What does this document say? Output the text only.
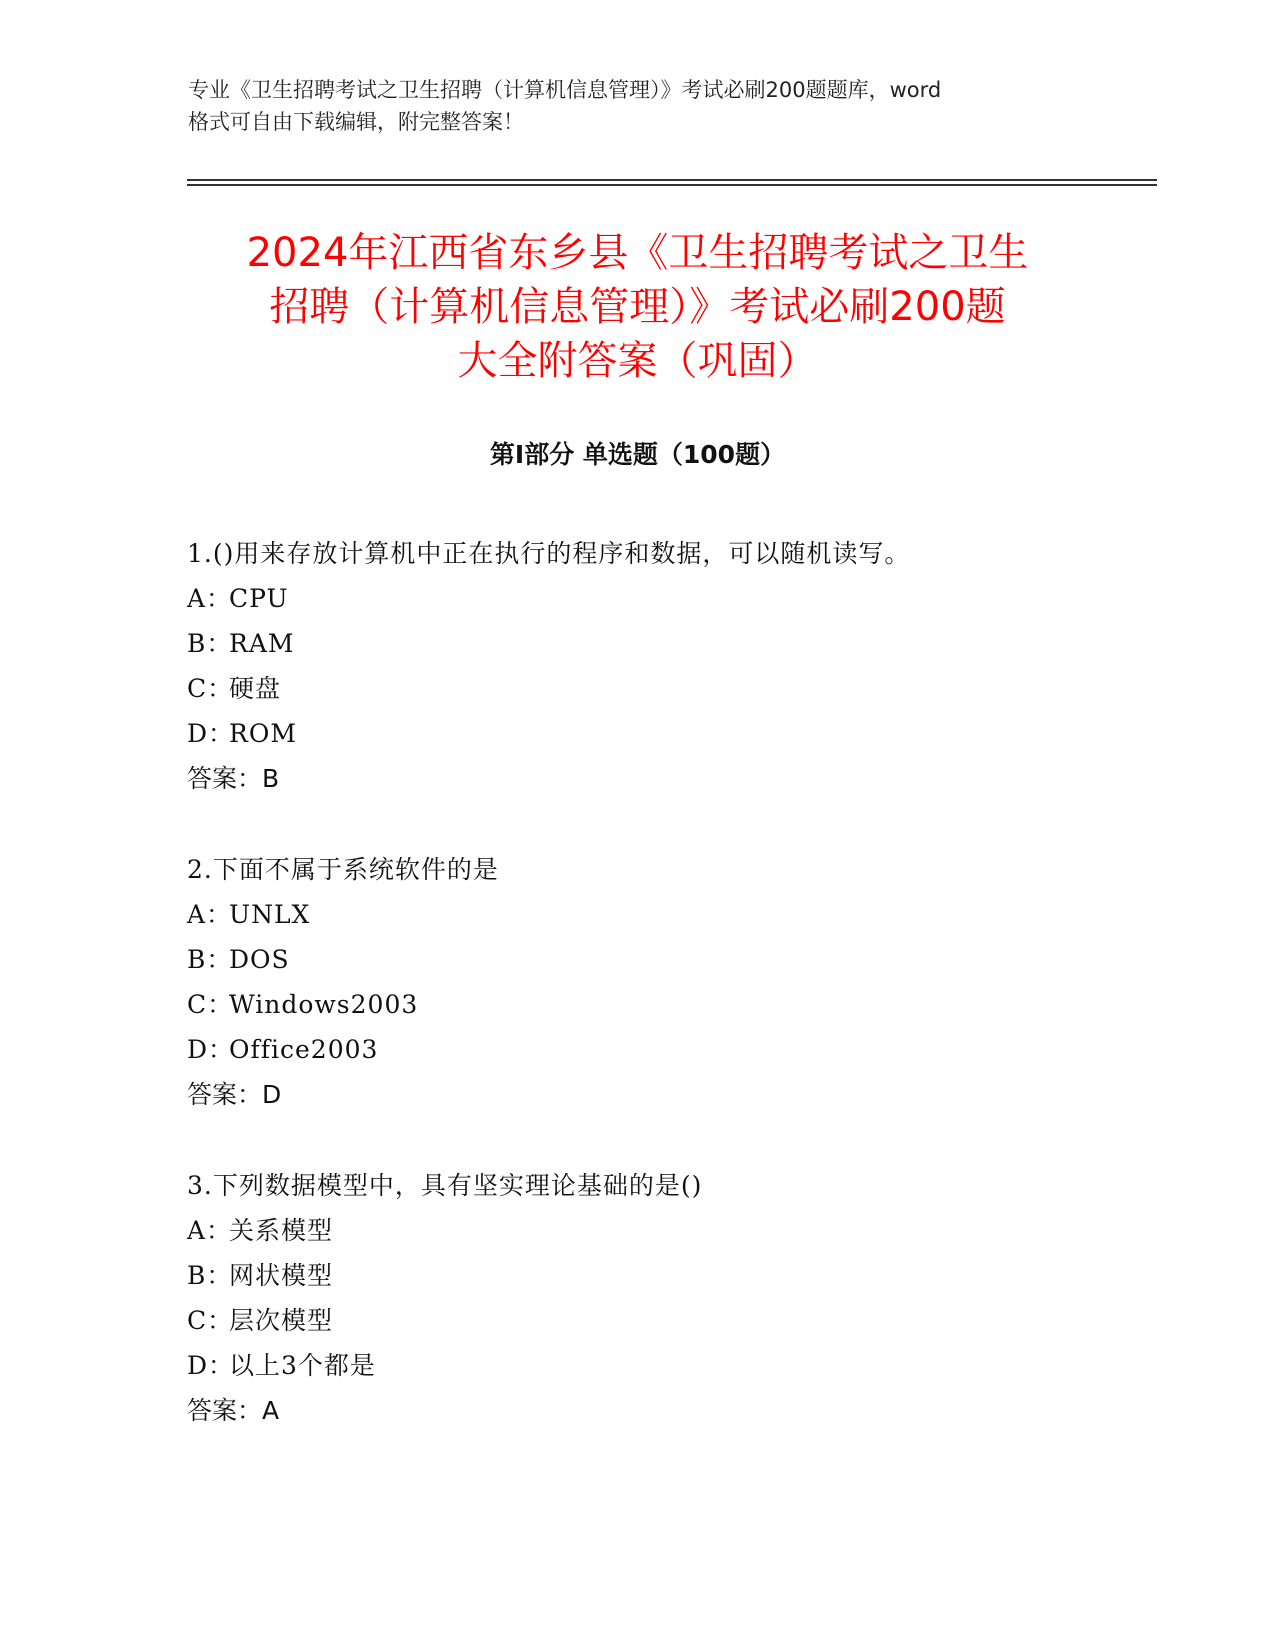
专业《卫生招聘考试之卫生招聘（计算机信息管理）》考试必刷200题题库，word
格式可自由下载编辑，附完整答案！
2024年江西省东乡县《卫生招聘考试之卫生
招聘（计算机信息管理）》考试必刷200题
大全附答案（巩固）
第Ⅰ部分 单选题（100题）
1.()用来存放计算机中正在执行的程序和数据，可以随机读写。
A：CPU
B：RAM
C：硬盘
D：ROM
答案：B
2.下面不属于系统软件的是
A：UNLX
B：DOS
C：Windows2003
D：Office2003
答案：D
3.下列数据模型中，具有坚实理论基础的是()
A：关系模型
B：网状模型
C：层次模型
D：以上3个都是
答案：A
